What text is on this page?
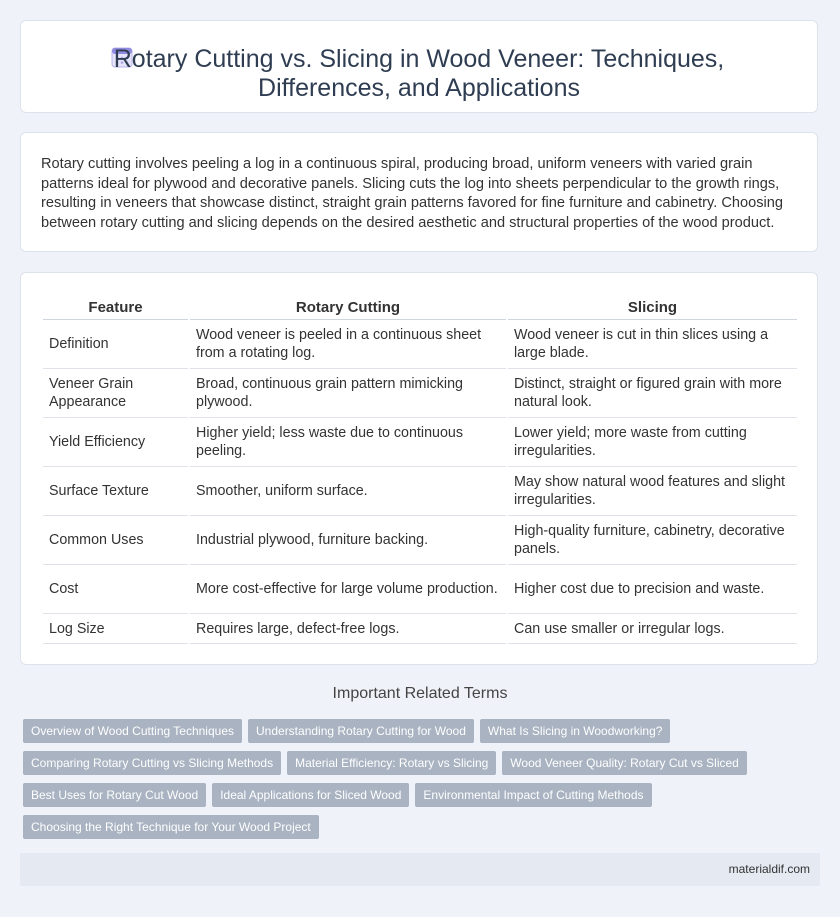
Rotary Cutting vs. Slicing in Wood Veneer: Techniques,
Differences, and Applications
Rotary cutting involves peeling a log in a continuous spiral, producing broad, uniform veneers with varied grain patterns ideal for plywood and decorative panels. Slicing cuts the log into sheets perpendicular to the growth rings, resulting in veneers that showcase distinct, straight grain patterns favored for fine furniture and cabinetry. Choosing between rotary cutting and slicing depends on the desired aesthetic and structural properties of the wood product.
Feature	Rotary Cutting	Slicing
Definition	Wood veneer is peeled in a continuous sheet from a rotating log.	Wood veneer is cut in thin slices using a large blade.
Veneer Grain Appearance	Broad, continuous grain pattern mimicking plywood.	Distinct, straight or figured grain with more natural look.
Yield Efficiency	Higher yield; less waste due to continuous peeling.	Lower yield; more waste from cutting irregularities.
Surface Texture	Smoother, uniform surface.	May show natural wood features and slight irregularities.
Common Uses	Industrial plywood, furniture backing.	High-quality furniture, cabinetry, decorative panels.
Cost	More cost-effective for large volume production.	Higher cost due to precision and waste.
Log Size	Requires large, defect-free logs.	Can use smaller or irregular logs.
Important Related Terms
Overview of Wood Cutting Techniques	Understanding Rotary Cutting for Wood	What Is Slicing in Woodworking?
Comparing Rotary Cutting vs Slicing Methods	Material Efficiency: Rotary vs Slicing	Wood Veneer Quality: Rotary Cut vs Sliced
Best Uses for Rotary Cut Wood	Ideal Applications for Sliced Wood	Environmental Impact of Cutting Methods
Choosing the Right Technique for Your Wood Project
materialdif.com
